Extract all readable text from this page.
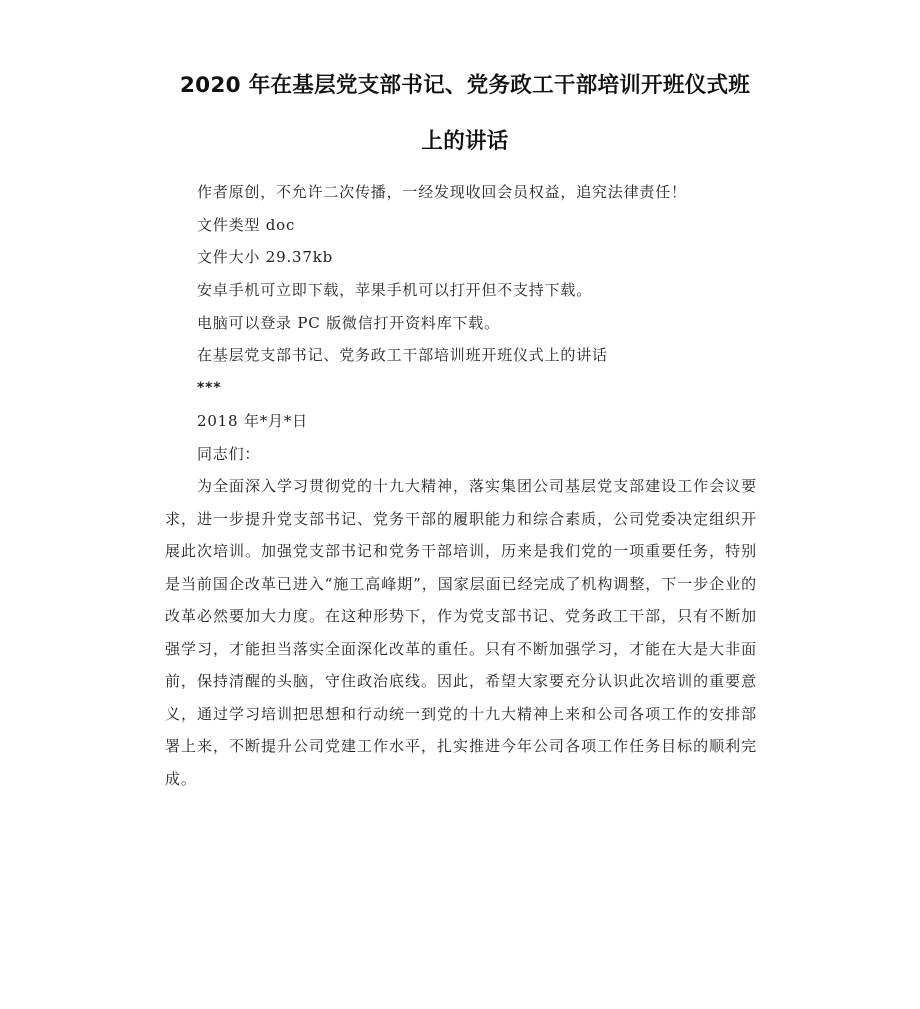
2020 年在基层党支部书记、党务政工干部培训开班仪式班
上的讲话

作者原创，不允许二次传播，一经发现收回会员权益，追究法律责任！

文件类型 doc

文件大小 29.37kb

安卓手机可立即下载，苹果手机可以打开但不支持下载。

电脑可以登录 PC 版微信打开资料库下载。

在基层党支部书记、党务政工干部培训班开班仪式上的讲话

***

2018 年*月*日

同志们：

为全面深入学习贯彻党的十九大精神，落实集团公司基层党支部建设工作会议要求，进一步提升党支部书记、党务干部的履职能力和综合素质，公司党委决定组织开展此次培训。加强党支部书记和党务干部培训，历来是我们党的一项重要任务，特别是当前国企改革已进入“施工高峰期”，国家层面已经完成了机构调整，下一步企业的改革必然要加大力度。在这种形势下，作为党支部书记、党务政工干部，只有不断加强学习，才能担当落实全面深化改革的重任。只有不断加强学习，才能在大是大非面前，保持清醒的头脑，守住政治底线。因此，希望大家要充分认识此次培训的重要意义，通过学习培训把思想和行动统一到党的十九大精神上来和公司各项工作的安排部署上来，不断提升公司党建工作水平，扎实推进今年公司各项工作任务目标的顺利完成。
